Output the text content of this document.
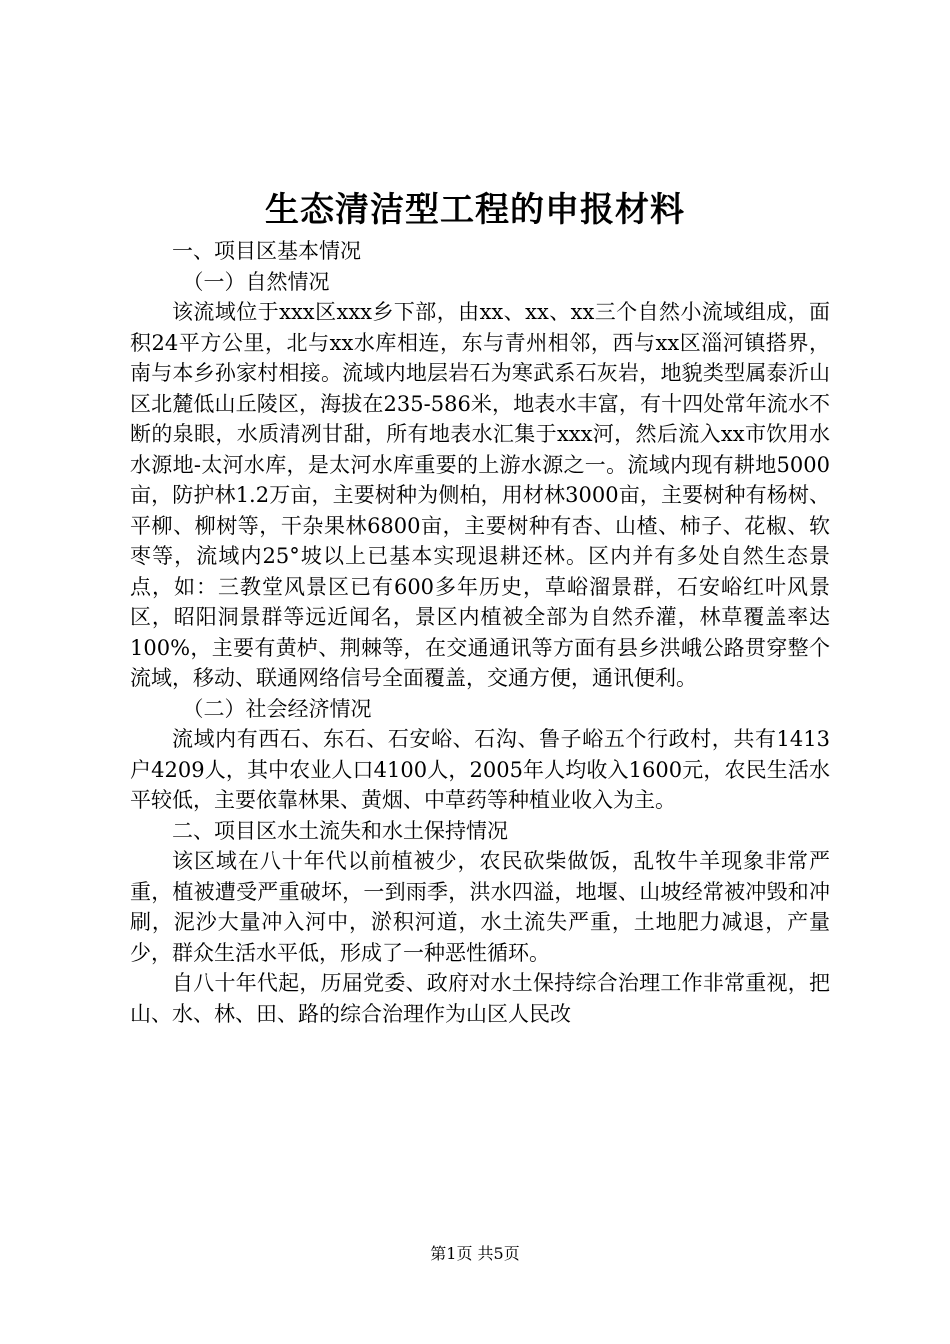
生态清洁型工程的申报材料

一、项目区基本情况

（一）自然情况

该流域位于xxx区xxx乡下部，由xx、xx、xx三个自然小流域组成，面积24平方公里，北与xx水库相连，东与青州相邻，西与xx区淄河镇搭界，南与本乡孙家村相接。流域内地层岩石为寒武系石灰岩，地貌类型属泰沂山区北麓低山丘陵区，海拔在235-586米，地表水丰富，有十四处常年流水不断的泉眼，水质清冽甘甜，所有地表水汇集于xxx河，然后流入xx市饮用水水源地-太河水库，是太河水库重要的上游水源之一。流域内现有耕地5000亩，防护林1.2万亩，主要树种为侧柏，用材林3000亩，主要树种有杨树、平柳、柳树等，干杂果林6800亩，主要树种有杏、山楂、柿子、花椒、软枣等，流域内25°坡以上已基本实现退耕还林。区内并有多处自然生态景点，如：三教堂风景区已有600多年历史，草峪溜景群，石安峪红叶风景区，昭阳洞景群等远近闻名，景区内植被全部为自然乔灌，林草覆盖率达100%，主要有黄栌、荆棘等，在交通通讯等方面有县乡洪峨公路贯穿整个流域，移动、联通网络信号全面覆盖，交通方便，通讯便利。

（二）社会经济情况

流域内有西石、东石、石安峪、石沟、鲁子峪五个行政村，共有1413户4209人，其中农业人口4100人，2005年人均收入1600元，农民生活水平较低，主要依靠林果、黄烟、中草药等种植业收入为主。

二、项目区水土流失和水土保持情况

该区域在八十年代以前植被少，农民砍柴做饭，乱牧牛羊现象非常严重，植被遭受严重破坏，一到雨季，洪水四溢，地堰、山坡经常被冲毁和冲刷，泥沙大量冲入河中，淤积河道，水土流失严重，土地肥力减退，产量少，群众生活水平低，形成了一种恶性循环。

自八十年代起，历届党委、政府对水土保持综合治理工作非常重视，把山、水、林、田、路的综合治理作为山区人民改

第1页 共5页
